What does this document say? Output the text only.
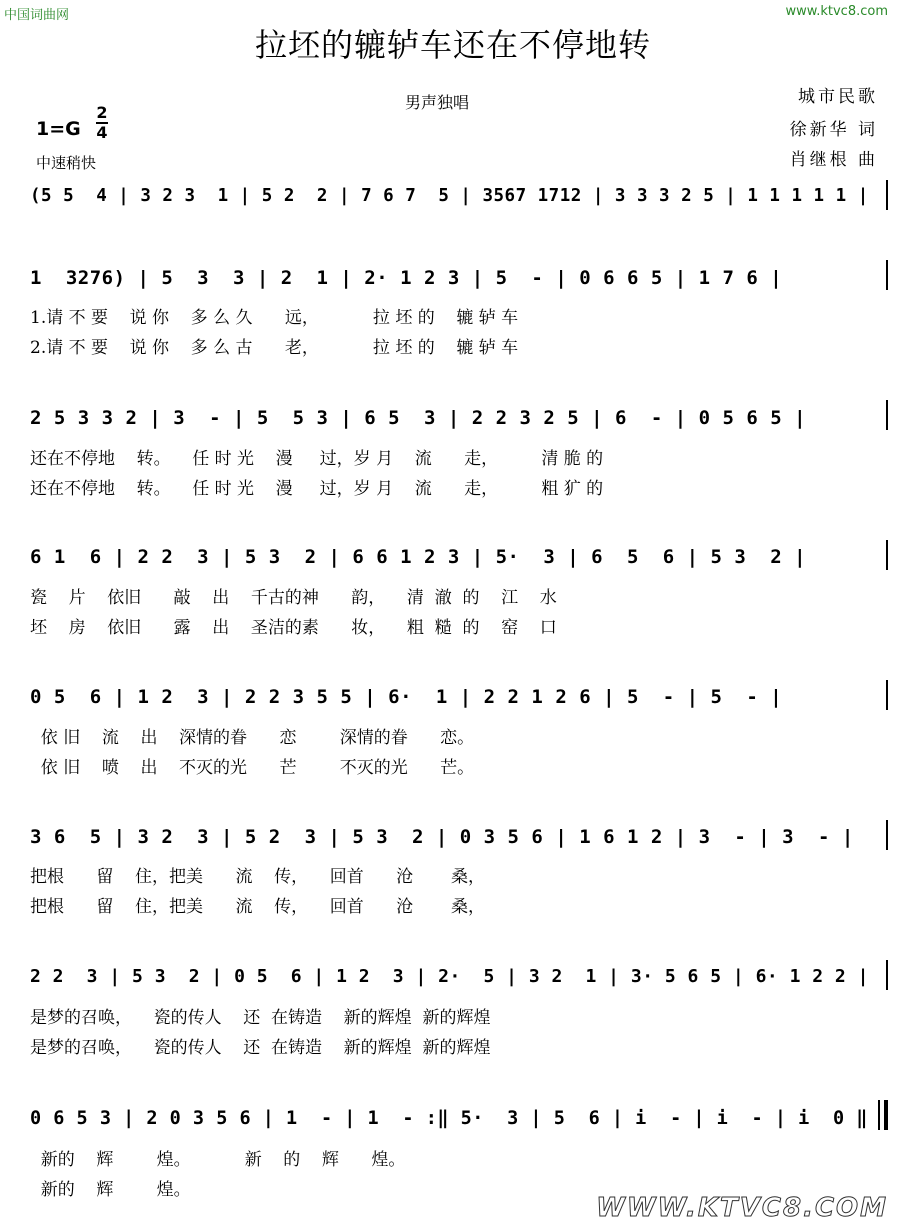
中国词曲网	www.ktvc8.com
拉坯的辘轳车还在不停地转
男声独唱	城市民歌
徐新华 词
肖继根 曲
1=G
2
4
中速稍快
(5 5  4 | 3 2 3  1 | 5 2  2 | 7 6 7  5 | 3567 1712 | 3 3 3 2 5 | 1 1 1 1 1 |
1  3276) | 5  3  3 | 2  1 | 2· 1 2 3 | 5  - | 0 6 6 5 | 1 7 6 |
1.请 不 要    说 你    多 么 久      远，          拉 坯 的    辘 轳 车
2.请 不 要    说 你    多 么 古      老，          拉 坯 的    辘 轳 车
2 5 3 3 2 | 3  - | 5  5 3 | 6 5  3 | 2 2 3 2 5 | 6  - | 0 5 6 5 |
还在不停地    转。    任 时 光    漫     过，岁 月    流      走，        清 脆 的
还在不停地    转。    任 时 光    漫     过，岁 月    流      走，        粗 犷 的
6 1  6 | 2 2  3 | 5 3  2 | 6 6 1 2 3 | 5·  3 | 6  5  6 | 5 3  2 |
瓷    片    依旧      敲    出    千古的神      韵，    清  澈  的    江    水
坯    房    依旧      露    出    圣洁的素      妆，    粗  糙  的    窑    口
0 5  6 | 1 2  3 | 2 2 3 5 5 | 6·  1 | 2 2 1 2 6 | 5  - | 5  - |
依 旧    流    出    深情的眷      恋        深情的眷      恋。
依 旧    喷    出    不灭的光      芒        不灭的光      芒。
3 6  5 | 3 2  3 | 5 2  3 | 5 3  2 | 0 3 5 6 | 1 6 1 2 | 3  - | 3  - |
把根      留    住，把美      流    传，    回首      沧       桑，
把根      留    住，把美      流    传，    回首      沧       桑，
2 2  3 | 5 3  2 | 0 5  6 | 1 2  3 | 2·  5 | 3 2  1 | 3· 5 6 5 | 6· 1 2 2 |
是梦的召唤，    瓷的传人    还  在铸造    新的辉煌  新的辉煌
是梦的召唤，    瓷的传人    还  在铸造    新的辉煌  新的辉煌
0 6 5 3 | 2 0 3 5 6 | 1  - | 1  - :‖ 5·  3 | 5  6 | i  - | i  - | i  0 ‖
新的    辉        煌。          新    的    辉      煌。
新的    辉        煌。
WWW.KTVC8.COM
